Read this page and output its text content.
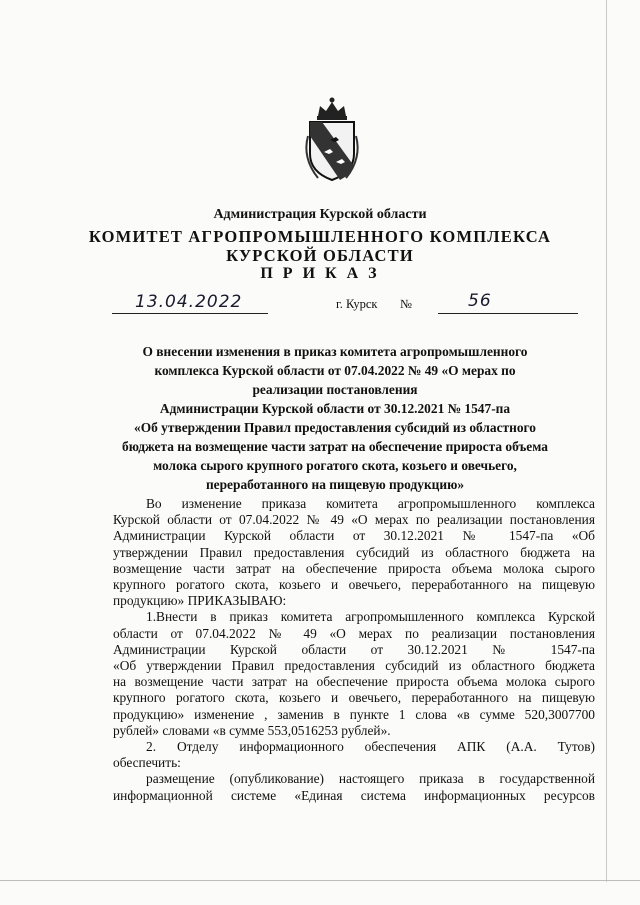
Администрация Курской области
КОМИТЕТ АГРОПРОМЫШЛЕННОГО КОМПЛЕКСА
КУРСКОЙ ОБЛАСТИ
П Р И К А З
13.04.2022	г. Курск №	56
О внесении изменения в приказ комитета агропромышленного
комплекса Курской области от 07.04.2022 № 49 «О мерах по
реализации постановления
Администрации Курской области от 30.12.2021 № 1547-па
«Об утверждении Правил предоставления субсидий из областного
бюджета на возмещение части затрат на обеспечение прироста объема
молока сырого крупного рогатого скота, козьего и овечьего,
переработанного на пищевую продукцию»
Во изменение приказа комитета агропромышленного комплекса
Курской области от 07.04.2022 № 49 «О мерах по реализации постановления
Администрации Курской области от 30.12.2021 № 1547-па «Об
утверждении Правил предоставления субсидий из областного бюджета на
возмещение части затрат на обеспечение прироста объема молока сырого
крупного рогатого скота, козьего и овечьего, переработанного на пищевую
продукцию» ПРИКАЗЫВАЮ:
1.Внести в приказ комитета агропромышленного комплекса Курской
области от 07.04.2022 № 49 «О мерах по реализации постановления
Администрации Курской области от 30.12.2021 № 1547-па
«Об утверждении Правил предоставления субсидий из областного бюджета
на возмещение части затрат на обеспечение прироста объема молока сырого
крупного рогатого скота, козьего и овечьего, переработанного на пищевую
продукцию» изменение , заменив в пункте 1 слова «в сумме 520,3007700
рублей» словами «в сумме 553,0516253 рублей».
2. Отделу информационного обеспечения АПК (А.А. Тутов)
обеспечить:
размещение (опубликование) настоящего приказа в государственной
информационной системе «Единая система информационных ресурсов
